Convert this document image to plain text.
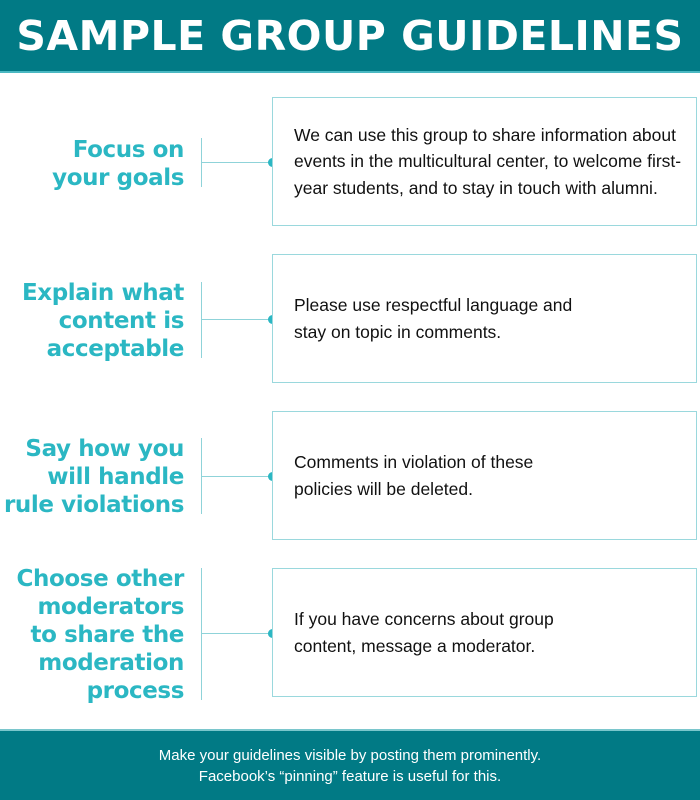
SAMPLE GROUP GUIDELINES
Focus on
your goals
We can use this group to share information about events in the multicultural center, to welcome first-year students, and to stay in touch with alumni.
Explain what
content is
acceptable
Please use respectful language and stay on topic in comments.
Say how you
will handle
rule violations
Comments in violation of these policies will be deleted.
Choose other
moderators
to share the
moderation
process
If you have concerns about group content, message a moderator.
Make your guidelines visible by posting them prominently.
Facebook’s “pinning” feature is useful for this.
